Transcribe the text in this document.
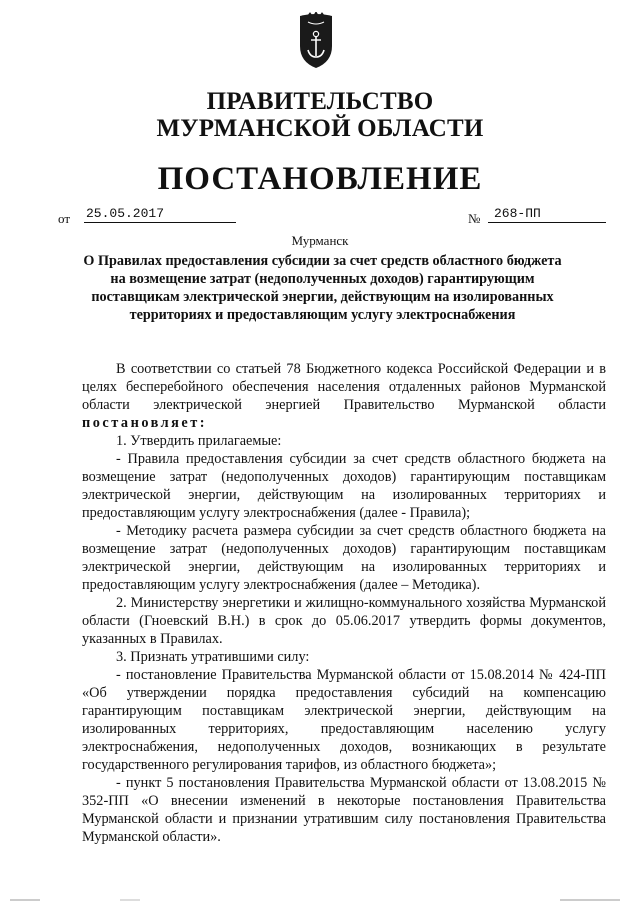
ПРАВИТЕЛЬСТВО
МУРМАНСКОЙ ОБЛАСТИ
ПОСТАНОВЛЕНИЕ
от 25.05.2017	№	268-ПП
Мурманск
О Правилах предоставления субсидии за счет средств областного бюджета
на возмещение затрат (недополученных доходов) гарантирующим
поставщикам электрической энергии, действующим на изолированных
территориях и предоставляющим услугу электроснабжения

В соответствии со статьей 78 Бюджетного кодекса Российской Федерации и в целях бесперебойного обеспечения населения отдаленных районов Мурманской области электрической энергией Правительство Мурманской области постановляет:

1. Утвердить прилагаемые:

- Правила предоставления субсидии за счет средств областного бюджета на возмещение затрат (недополученных доходов) гарантирующим поставщикам электрической энергии, действующим на изолированных территориях и предоставляющим услугу электроснабжения (далее - Правила);

- Методику расчета размера субсидии за счет средств областного бюджета на возмещение затрат (недополученных доходов) гарантирующим поставщикам электрической энергии, действующим на изолированных территориях и предоставляющим услугу электроснабжения (далее – Методика).

2. Министерству энергетики и жилищно-коммунального хозяйства Мурманской области (Гноевский В.Н.) в срок до 05.06.2017 утвердить формы документов, указанных в Правилах.

3. Признать утратившими силу:

- постановление Правительства Мурманской области от 15.08.2014 № 424-ПП «Об утверждении порядка предоставления субсидий на компенсацию гарантирующим поставщикам электрической энергии, действующим на изолированных территориях, предоставляющим населению услугу электроснабжения, недополученных доходов, возникающих в результате государственного регулирования тарифов, из областного бюджета»;

- пункт 5 постановления Правительства Мурманской области от 13.08.2015 № 352-ПП «О внесении изменений в некоторые постановления Правительства Мурманской области и признании утратившим силу постановления Правительства Мурманской области».
